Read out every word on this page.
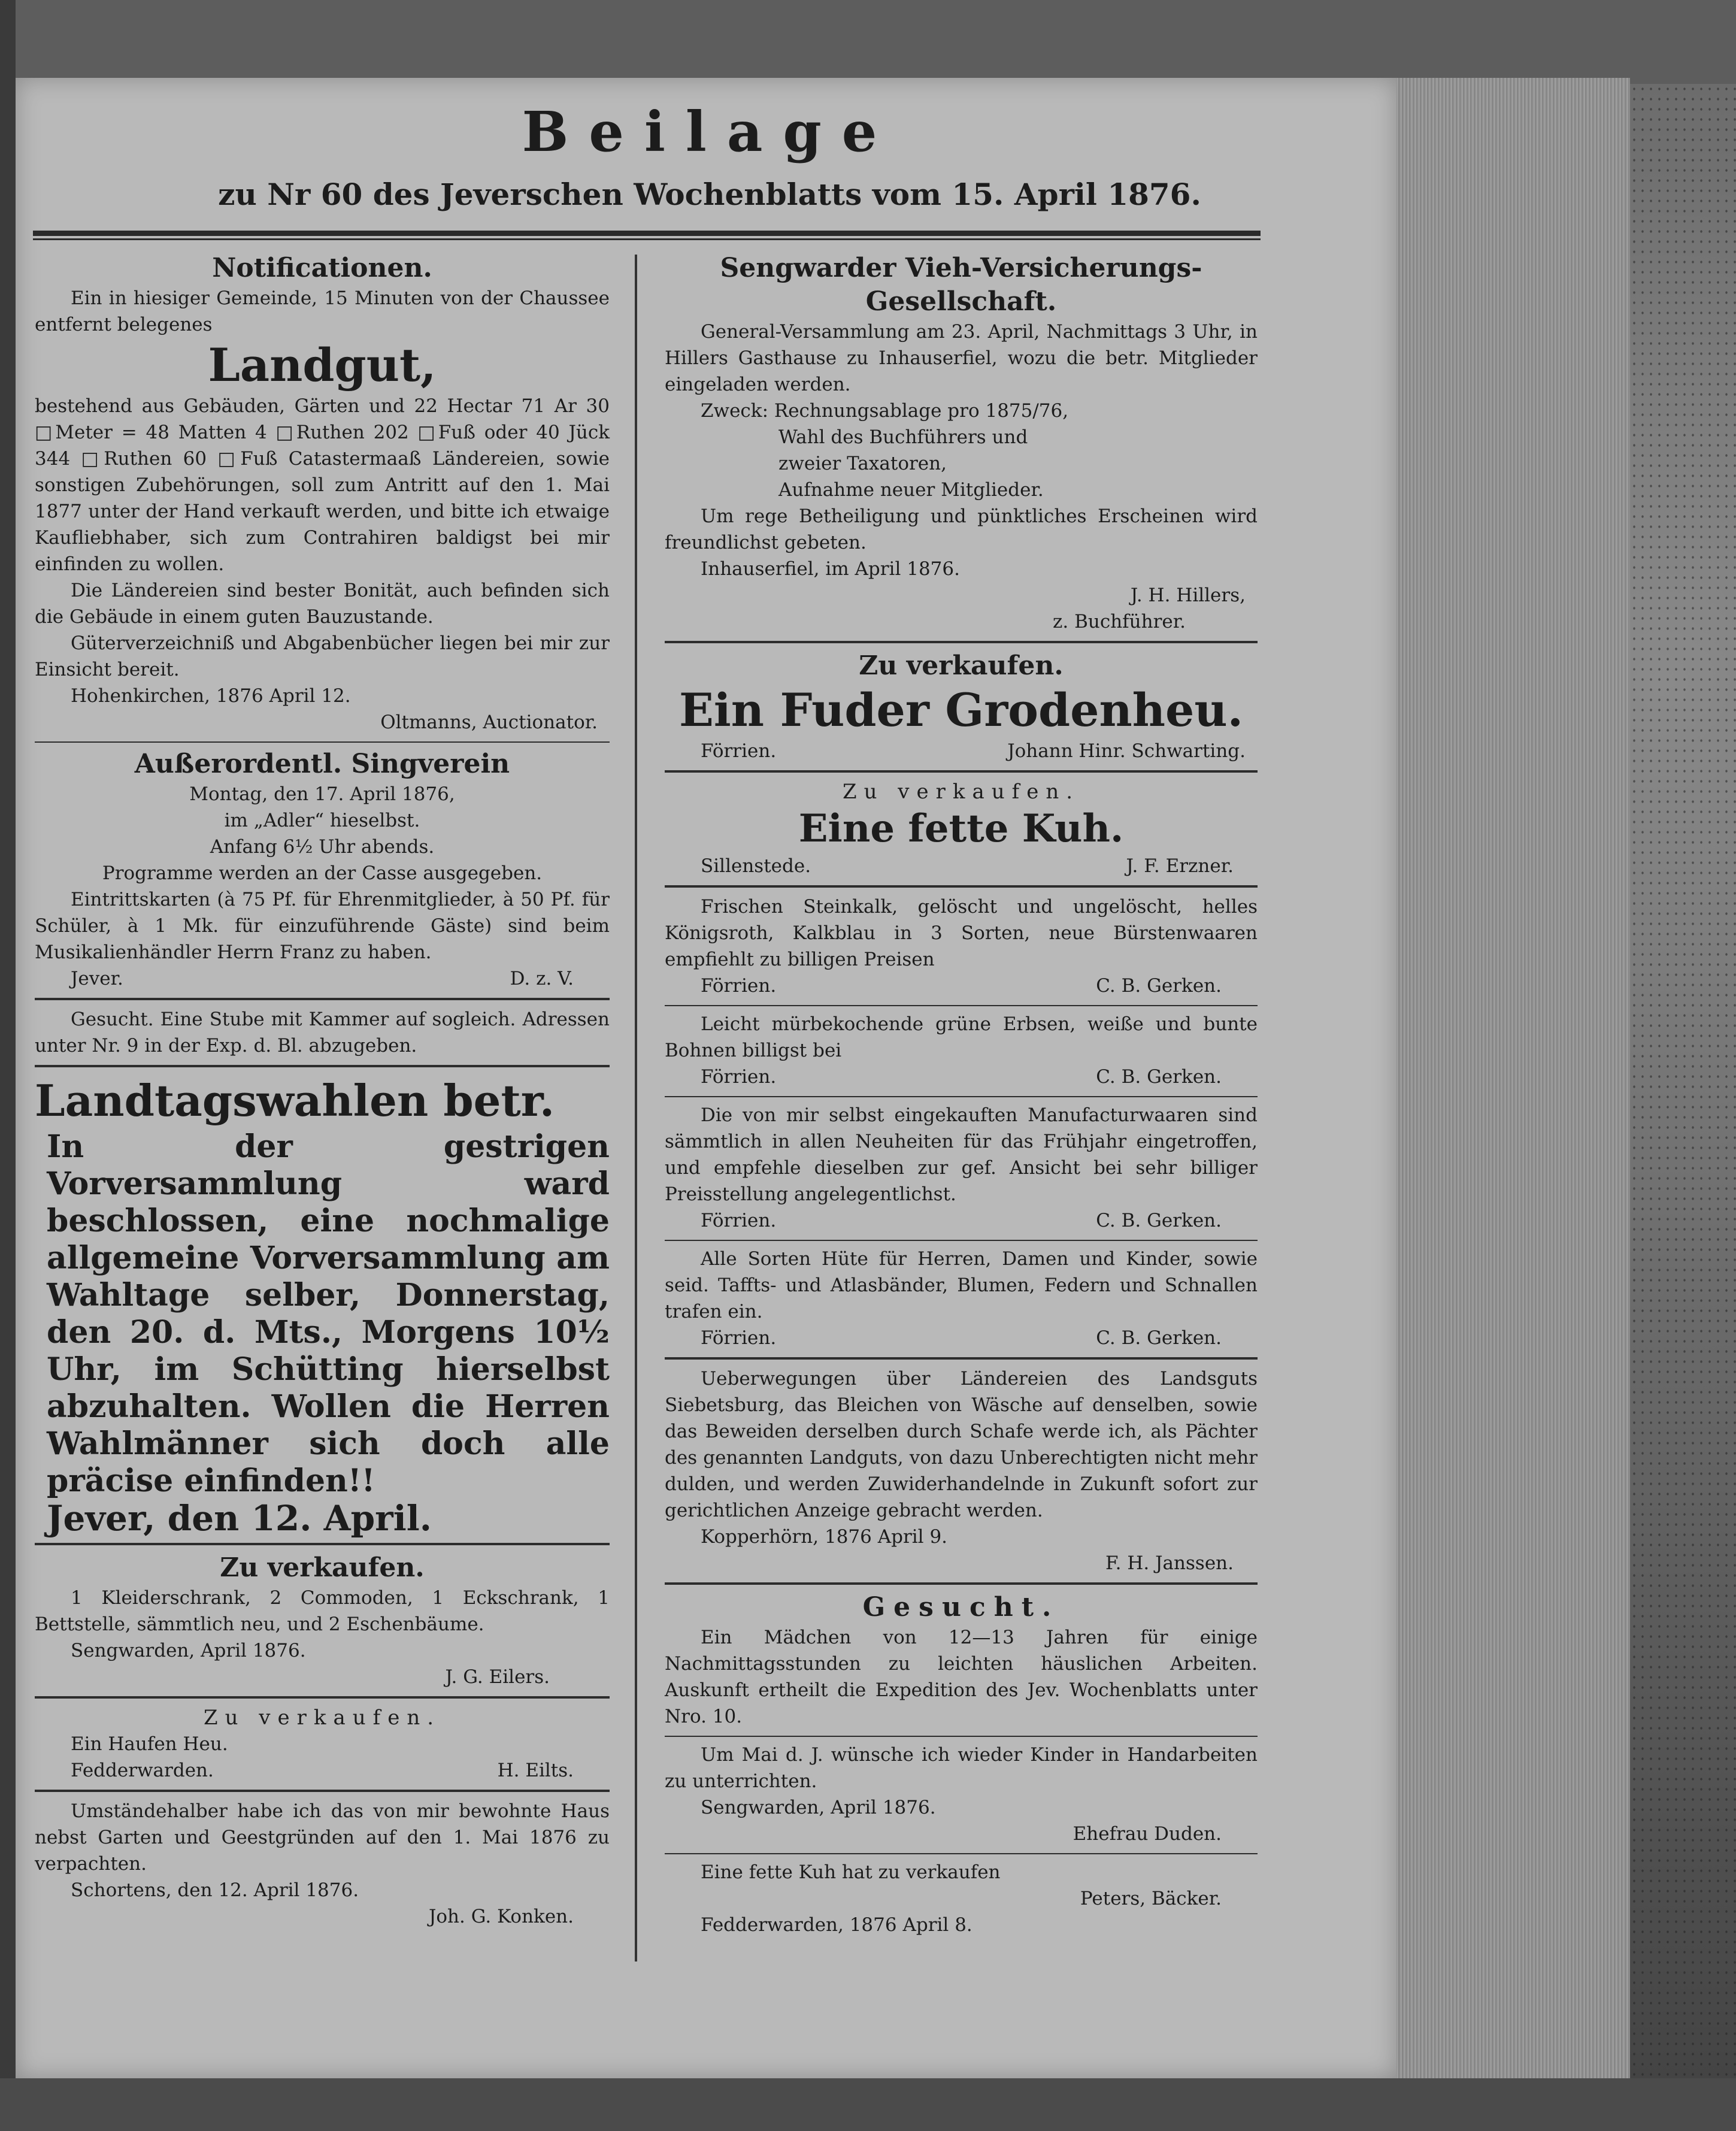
Beilage
zu Nr 60 des Jeverschen Wochenblatts vom 15. April 1876.
Notificationen.

Ein in hiesiger Gemeinde, 15 Minuten von der Chaussee entfernt belegenes

Landgut,

bestehend aus Gebäuden, Gärten und 22 Hectar 71 Ar 30 □Meter = 48 Matten 4 □Ruthen 202 □Fuß oder 40 Jück 344 □Ruthen 60 □Fuß Catastermaaß Ländereien, sowie sonstigen Zubehörungen, soll zum Antritt auf den 1. Mai 1877 unter der Hand verkauft werden, und bitte ich etwaige Kaufliebhaber, sich zum Contrahiren baldigst bei mir einfinden zu wollen.

Die Ländereien sind bester Bonität, auch befinden sich die Gebäude in einem guten Bauzustande.

Güterverzeichniß und Abgabenbücher liegen bei mir zur Einsicht bereit.

Hohenkirchen, 1876 April 12.
Oltmanns, Auctionator.
Außerordentl. Singverein
Montag, den 17. April 1876,
im „Adler“ hieselbst.
Anfang 6½ Uhr abends.
Programme werden an der Casse ausgegeben.

Eintrittskarten (à 75 Pf. für Ehrenmitglieder, à 50 Pf. für Schüler, à 1 Mk. für einzuführende Gäste) sind beim Musikalienhändler Herrn Franz zu haben.

Jever.	D. z. V.

Gesucht. Eine Stube mit Kammer auf sogleich. Adressen unter Nr. 9 in der Exp. d. Bl. abzugeben.

Landtagswahlen betr.
In der gestrigen Vorversammlung ward beschlossen, eine nochmalige allgemeine Vorversammlung am Wahltage selber, Donnerstag, den 20. d. Mts., Morgens 10½ Uhr, im Schütting hierselbst abzuhalten. Wollen die Herren Wahlmänner sich doch alle präcise einfinden!!
Jever, den 12. April.
Zu verkaufen.

1 Kleiderschrank, 2 Commoden, 1 Eckschrank, 1 Bettstelle, sämmtlich neu, und 2 Eschenbäume.

Sengwarden, April 1876.
J. G. Eilers.
Zu verkaufen.
Ein Haufen Heu.
Fedderwarden.	H. Eilts.

Umständehalber habe ich das von mir bewohnte Haus nebst Garten und Geestgründen auf den 1. Mai 1876 zu verpachten.

Schortens, den 12. April 1876.
Joh. G. Konken.
Sengwarder Vieh-Versicherungs-Gesellschaft.

General-Versammlung am 23. April, Nachmittags 3 Uhr, in Hillers Gasthause zu Inhauserfiel, wozu die betr. Mitglieder eingeladen werden.

Zweck: Rechnungsablage pro 1875/76,
Wahl des Buchführers und
zweier Taxatoren,
Aufnahme neuer Mitglieder.

Um rege Betheiligung und pünktliches Erscheinen wird freundlichst gebeten.

Inhauserfiel, im April 1876.
J. H. Hillers,
z. Buchführer.
Zu verkaufen.
Ein Fuder Grodenheu.
Förrien.	Johann Hinr. Schwarting.
Zu verkaufen.
Eine fette Kuh.
Sillenstede.	J. F. Erzner.

Frischen Steinkalk, gelöscht und ungelöscht, helles Königsroth, Kalkblau in 3 Sorten, neue Bürstenwaaren empfiehlt zu billigen Preisen

Förrien.	C. B. Gerken.

Leicht mürbekochende grüne Erbsen, weiße und bunte Bohnen billigst bei

Förrien.	C. B. Gerken.

Die von mir selbst eingekauften Manufacturwaaren sind sämmtlich in allen Neuheiten für das Frühjahr eingetroffen, und empfehle dieselben zur gef. Ansicht bei sehr billiger Preisstellung angelegentlichst.

Förrien.	C. B. Gerken.

Alle Sorten Hüte für Herren, Damen und Kinder, sowie seid. Taffts- und Atlasbänder, Blumen, Federn und Schnallen trafen ein.

Förrien.	C. B. Gerken.

Ueberwegungen über Ländereien des Landsguts Siebetsburg, das Bleichen von Wäsche auf denselben, sowie das Beweiden derselben durch Schafe werde ich, als Pächter des genannten Landguts, von dazu Unberechtigten nicht mehr dulden, und werden Zuwiderhandelnde in Zukunft sofort zur gerichtlichen Anzeige gebracht werden.

Kopperhörn, 1876 April 9.
F. H. Janssen.
Gesucht.

Ein Mädchen von 12—13 Jahren für einige Nachmittagsstunden zu leichten häuslichen Arbeiten. Auskunft ertheilt die Expedition des Jev. Wochenblatts unter Nro. 10.

Um Mai d. J. wünsche ich wieder Kinder in Handarbeiten zu unterrichten.

Sengwarden, April 1876.
Ehefrau Duden.
Eine fette Kuh hat zu verkaufen
Peters, Bäcker.
Fedderwarden, 1876 April 8.
